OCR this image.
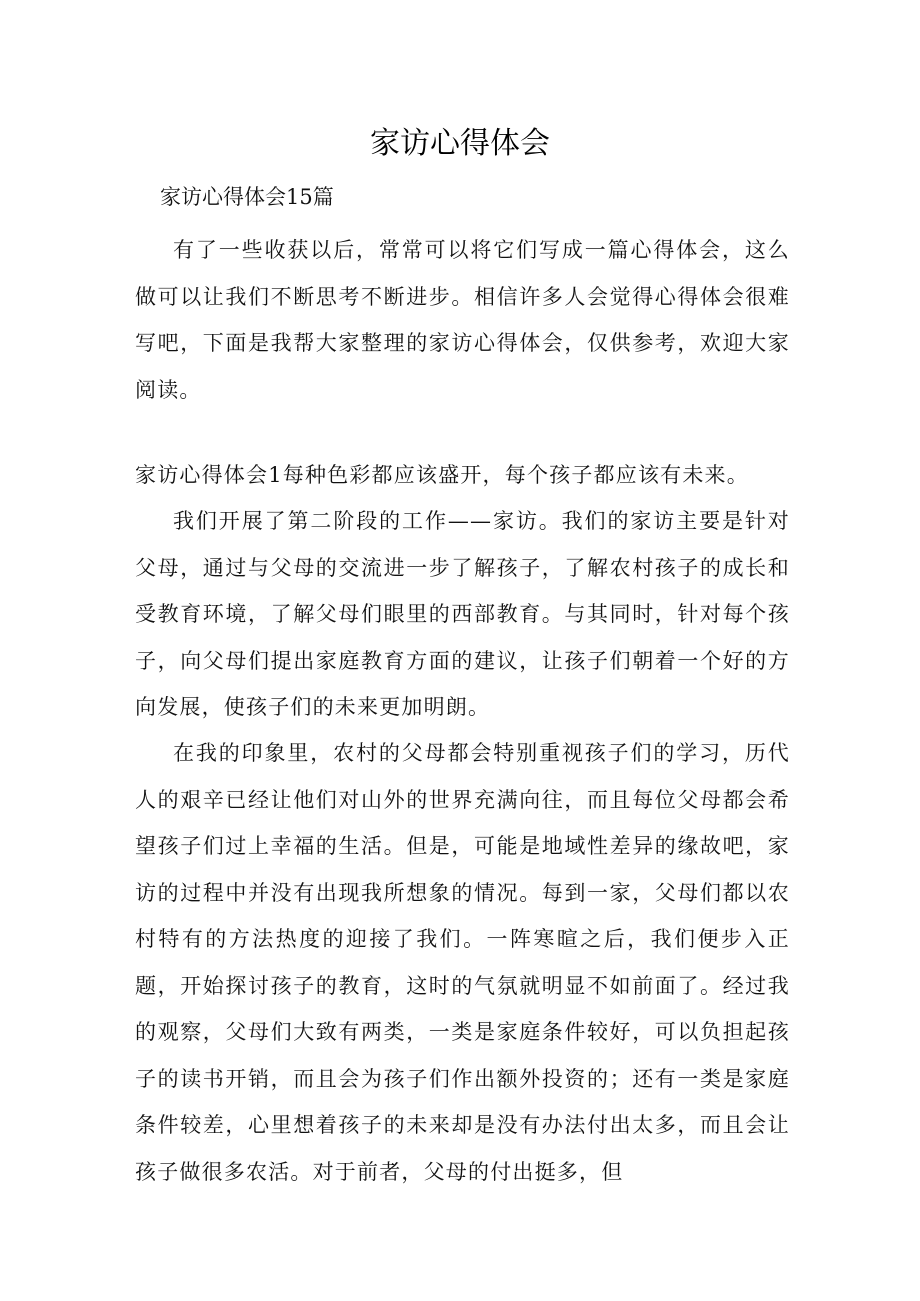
家访心得体会
家访心得体会15篇

有了一些收获以后，常常可以将它们写成一篇心得体会，这么做可以让我们不断思考不断进步。相信许多人会觉得心得体会很难写吧，下面是我帮大家整理的家访心得体会，仅供参考，欢迎大家阅读。

家访心得体会1每种色彩都应该盛开，每个孩子都应该有未来。

我们开展了第二阶段的工作——家访。我们的家访主要是针对父母，通过与父母的交流进一步了解孩子，了解农村孩子的成长和受教育环境，了解父母们眼里的西部教育。与其同时，针对每个孩子，向父母们提出家庭教育方面的建议，让孩子们朝着一个好的方向发展，使孩子们的未来更加明朗。

在我的印象里，农村的父母都会特别重视孩子们的学习，历代人的艰辛已经让他们对山外的世界充满向往，而且每位父母都会希望孩子们过上幸福的生活。但是，可能是地域性差异的缘故吧，家访的过程中并没有出现我所想象的情况。每到一家，父母们都以农村特有的方法热度的迎接了我们。一阵寒暄之后，我们便步入正题，开始探讨孩子的教育，这时的气氛就明显不如前面了。经过我的观察，父母们大致有两类，一类是家庭条件较好，可以负担起孩子的读书开销，而且会为孩子们作出额外投资的；还有一类是家庭条件较差，心里想着孩子的未来却是没有办法付出太多，而且会让孩子做很多农活。对于前者，父母的付出挺多，但
